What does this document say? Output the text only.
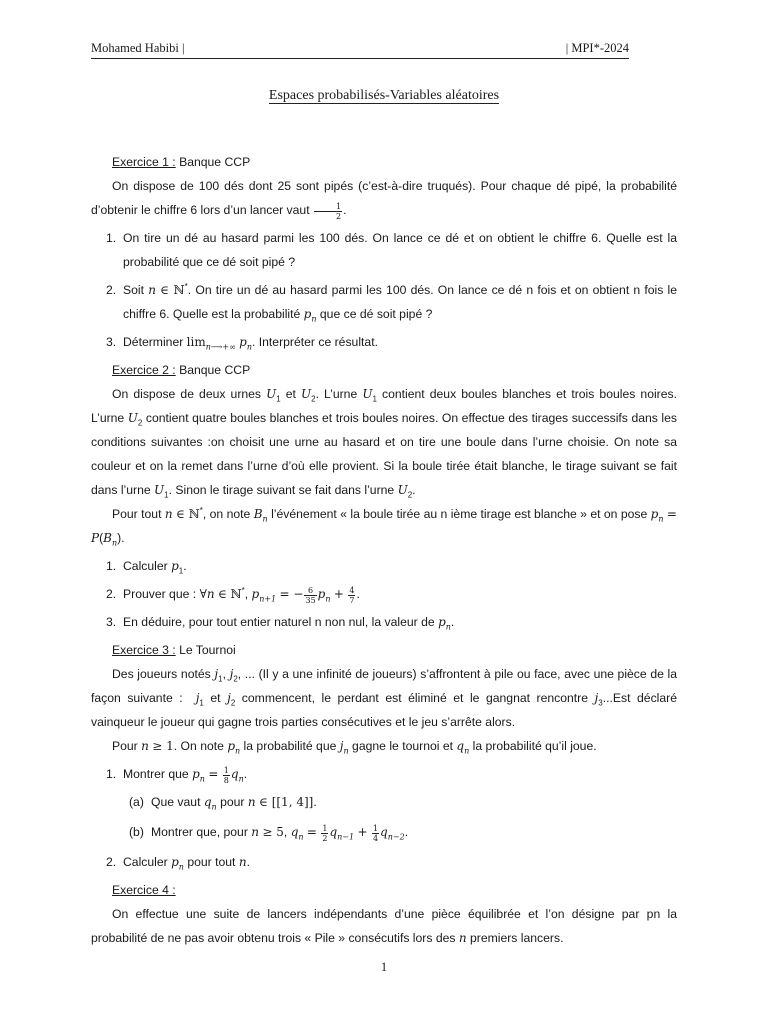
Mohamed Habibi |	| MPI*-2024
Espaces probabilisés-Variables aléatoires
Exercice 1 : Banque CCP

On dispose de 100 dés dont 25 sont pipés (c’est-à-dire truqués). Pour chaque dé pipé, la probabilité d’obtenir le chiffre 6 lors d’un lancer vaut $\frac{1}{2}$ .

1. On tire un dé au hasard parmi les 100 dés. On lance ce dé et on obtient le chiffre 6. Quelle est la probabilité que ce dé soit pipé ?
2. Soit n ∈ ℕ*. On tire un dé au hasard parmi les 100 dés. On lance ce dé n fois et on obtient n fois le chiffre 6. Quelle est la probabilité $p_n$ que ce dé soit pipé ?
3. Déterminer $\lim_{n⟶+\infty} p_n$. Interpréter ce résultat.
Exercice 2 : Banque CCP

On dispose de deux urnes $U_1$ et $U_2$. L’urne $U_1$ contient deux boules blanches et trois boules noires. L’urne $U_2$ contient quatre boules blanches et trois boules noires. On effectue des tirages successifs dans les conditions suivantes :on choisit une urne au hasard et on tire une boule dans l’urne choisie. On note sa couleur et on la remet dans l’urne d’où elle provient. Si la boule tirée était blanche, le tirage suivant se fait dans l’urne $U_1$. Sinon le tirage suivant se fait dans l’urne $U_2$.

Pour tout n ∈ ℕ*, on note $B_n$ l’événement « la boule tirée au n ième tirage est blanche » et on pose $p_n = P(B_n)$.

1. Calculer $p_1$.
2. Prouver que : ∀n ∈ ℕ*, $p_{n+1}$ = − $\frac{6}{35} p_n + \frac{4}{7}$ .
3. En déduire, pour tout entier naturel n non nul, la valeur de $p_n$.
Exercice 3 : Le Tournoi

Des joueurs notés $j_1$, $j_2$, ... (Il y a une infinité de joueurs) s’affrontent à pile ou face, avec une pièce de la façon suivante :  $j_1$ et $j_2$ commencent, le perdant est éliminé et le gangnat rencontre $j_3...Est$ déclaré vainqueur le joueur qui gagne trois parties consécutives et le jeu s’arrête alors.

Pour n ≥ 1. On note $p_n$ la probabilité que $j_n$ gagne le tournoi et $q_n$ la probabilité qu’il joue.

1. Montrer que $p_n = \frac{1}{8} q_n$.
(a) Que vaut $q_n$ pour n ∈ [[1, 4]].
(b) Montrer que, pour n ≥ 5, $q_n = \frac{1}{2} q_{n-1} + \frac{1}{4} q_{n-2}$.
2. Calculer $p_n$ pour tout n.
Exercice 4 :

On effectue une suite de lancers indépendants d’une pièce équilibrée et l’on désigne par pn la probabilité de ne pas avoir obtenu trois « Pile » consécutifs lors des n premiers lancers.

1
